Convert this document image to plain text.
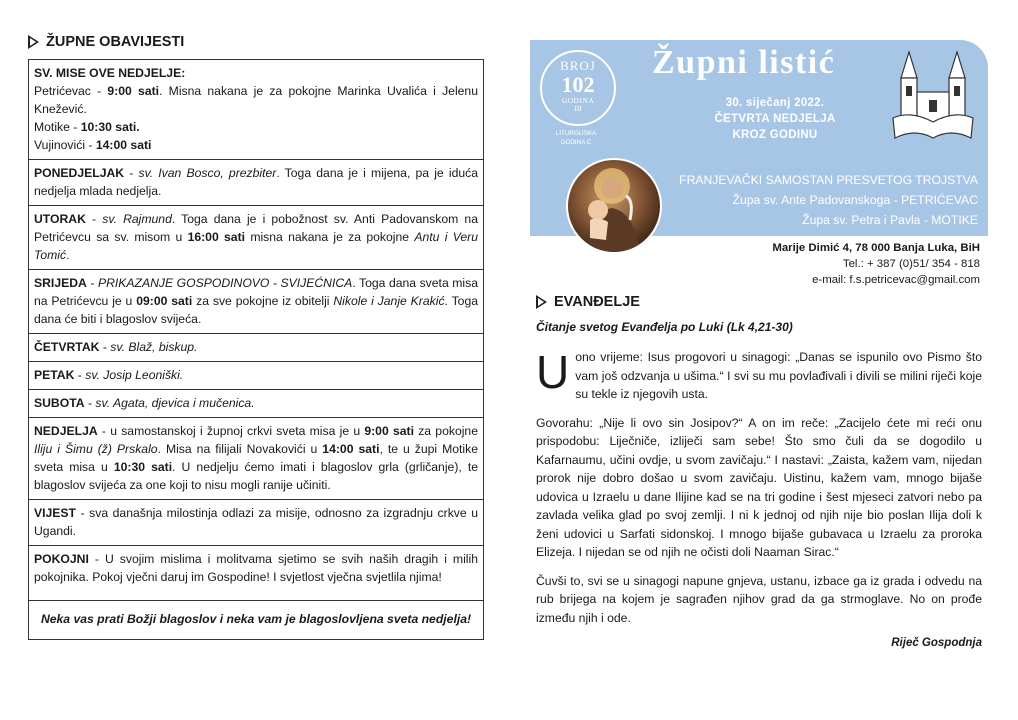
ŽUPNE OBAVIJESTI
SV. MISE OVE NEDJELJE:
Petrićevac - 9:00 sati. Misna nakana je za pokojne Marinka Uvalića i Jelenu Knežević.
Motike - 10:30 sati.
Vujinovići - 14:00 sati
PONEDJELJAK - sv. Ivan Bosco, prezbiter. Toga dana je i mijena, pa je iduća nedjelja mlada nedjelja.
UTORAK - sv. Rajmund. Toga dana je i pobožnost sv. Anti Padovanskom na Petrićevcu sa sv. misom u 16:00 sati misna nakana je za pokojne Antu i Veru Tomić.
SRIJEDA - PRIKAZANJE GOSPODINOVO - SVIJEĆNICA. Toga dana sveta misa na Petrićevcu je u 09:00 sati za sve pokojne iz obitelji Nikole i Janje Krakić. Toga dana će biti i blagoslov svijeća.
ČETVRTAK - sv. Blaž, biskup.
PETAK - sv. Josip Leoniški.
SUBOTA - sv. Agata, djevica i mučenica.
NEDJELJA - u samostanskoj i župnoj crkvi sveta misa je u 9:00 sati za pokojne Iliju i Šimu (ž) Prskalo. Misa na filijali Novakovići u 14:00 sati, te u župi Motike sveta misa u 10:30 sati. U nedjelju ćemo imati i blagoslov grla (grličanje), te blagoslov svijeća za one koji to nisu mogli ranije učiniti.
VIJEST - sva današnja milostinja odlazi za misije, odnosno za izgradnju crkve u Ugandi.
POKOJNI - U svojim mislima i molitvama sjetimo se svih naših dragih i milih pokojnika. Pokoj vječni daruj im Gospodine! I svjetlost vječna svjetlila njima!
Neka vas prati Božji blagoslov i neka vam je blagoslovljena sveta nedjelja!
BROJ
102
GODINA
III
LITURGIJSKA
GODINA C
Župni listić
30. siječanj 2022.
ČETVRTA NEDJELJA
KROZ GODINU
FRANJEVAČKI SAMOSTAN PRESVETOG TROJSTVA
Župa sv. Ante Padovanskoga - PETRIĆEVAC
Župa sv. Petra i Pavla - MOTIKE
Marije Dimić 4, 78 000 Banja Luka, BiH
Tel.: + 387 (0)51/ 354 - 818
e-mail: f.s.petricevac@gmail.com
EVANĐELJE
Čitanje svetog Evanđelja po Luki (Lk 4,21-30)
Uono vrijeme: Isus progovori u sinagogi: „Danas se ispunilo ovo Pismo što vam još odzvanja u ušima.“ I svi su mu povlađivali i divili se milini riječi koje su tekle iz njegovih usta.
Govorahu: „Nije li ovo sin Josipov?“ A on im reče: „Zacijelo ćete mi reći onu prispodobu: Liječniče, izliječi sam sebe! Što smo čuli da se dogodilo u Kafarnaumu, učini ovdje, u svom zavičaju.“ I nastavi: „Zaista, kažem vam, nijedan prorok nije dobro došao u svom zavičaju. Uistinu, kažem vam, mnogo bijaše udovica u Izraelu u dane Ilijine kad se na tri godine i šest mjeseci zatvori nebo pa zavlada velika glad po svoj zemlji. I ni k jednoj od njih nije bio poslan Ilija doli k ženi udovici u Sarfati sidonskoj. I mnogo bijaše gubavaca u Izraelu za proroka Elizeja. I nijedan se od njih ne očisti doli Naaman Sirac.“
Čuvši to, svi se u sinagogi napune gnjeva, ustanu, izbace ga iz grada i odvedu na rub brijega na kojem je sagrađen njihov grad da ga strmoglave. No on prođe između njih i ode.
Riječ Gospodnja
